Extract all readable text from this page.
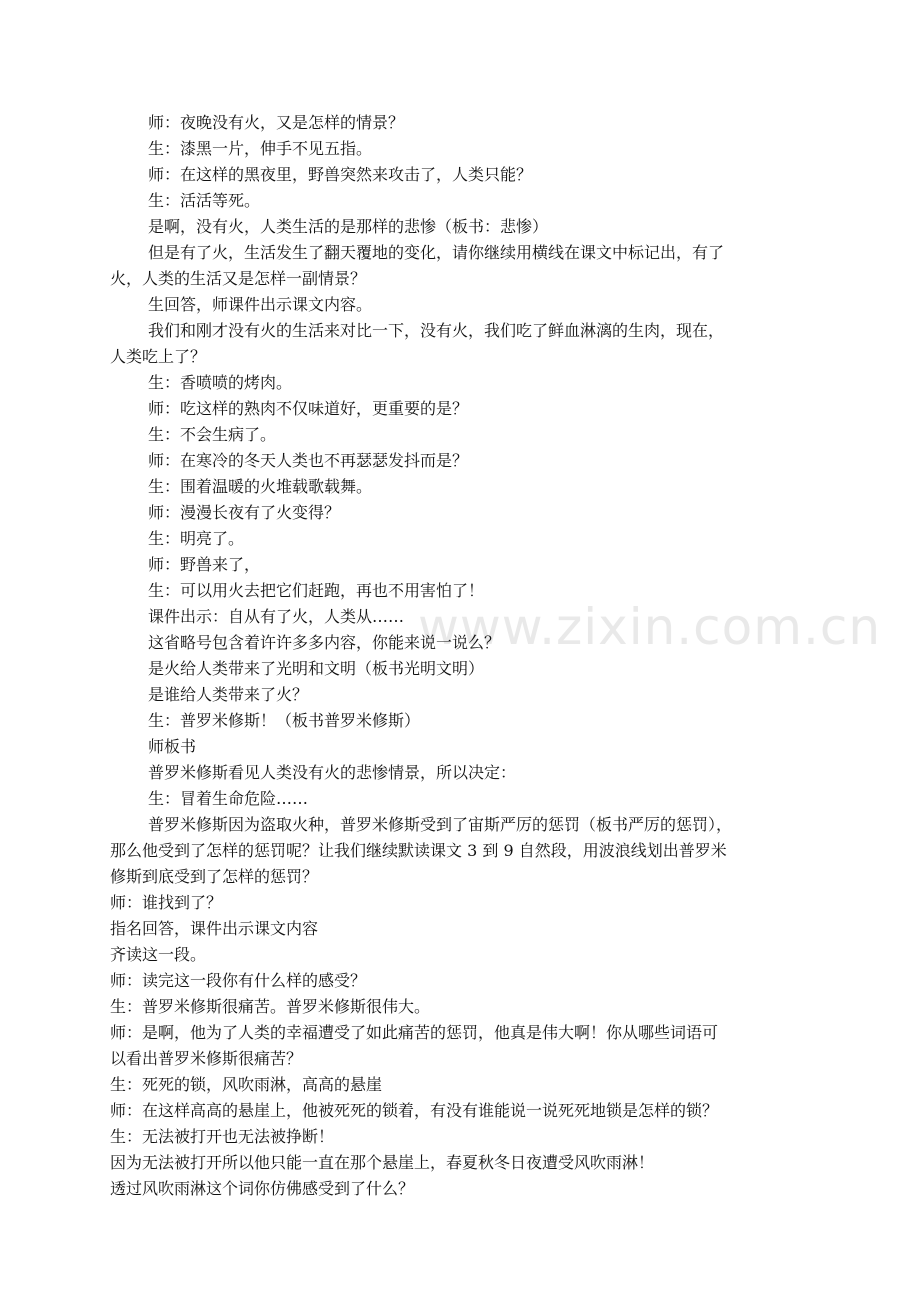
www.zixin.com.cn

师：夜晚没有火，又是怎样的情景？

生：漆黑一片，伸手不见五指。

师：在这样的黑夜里，野兽突然来攻击了，人类只能？

生：活活等死。

是啊，没有火，人类生活的是那样的悲惨（板书：悲惨）

但是有了火，生活发生了翻天覆地的变化，请你继续用横线在课文中标记出，有了

火，人类的生活又是怎样一副情景？

生回答，师课件出示课文内容。

我们和刚才没有火的生活来对比一下，没有火，我们吃了鲜血淋漓的生肉，现在，

人类吃上了？

生：香喷喷的烤肉。

师：吃这样的熟肉不仅味道好，更重要的是？

生：不会生病了。

师：在寒冷的冬天人类也不再瑟瑟发抖而是？

生：围着温暖的火堆载歌载舞。

师：漫漫长夜有了火变得？

生：明亮了。

师：野兽来了，

生：可以用火去把它们赶跑，再也不用害怕了！

课件出示：自从有了火，人类从……

这省略号包含着许许多多内容，你能来说一说么？

是火给人类带来了光明和文明（板书光明文明）

是谁给人类带来了火？

生：普罗米修斯！（板书普罗米修斯）

师板书

普罗米修斯看见人类没有火的悲惨情景，所以决定：

生：冒着生命危险……

普罗米修斯因为盗取火种，普罗米修斯受到了宙斯严厉的惩罚（板书严厉的惩罚），

那么他受到了怎样的惩罚呢？让我们继续默读课文 3 到 9 自然段，用波浪线划出普罗米

修斯到底受到了怎样的惩罚？

师：谁找到了？

指名回答，课件出示课文内容

齐读这一段。

师：读完这一段你有什么样的感受？

生：普罗米修斯很痛苦。普罗米修斯很伟大。

师：是啊，他为了人类的幸福遭受了如此痛苦的惩罚，他真是伟大啊！你从哪些词语可

以看出普罗米修斯很痛苦？

生：死死的锁，风吹雨淋，高高的悬崖

师：在这样高高的悬崖上，他被死死的锁着，有没有谁能说一说死死地锁是怎样的锁？

生：无法被打开也无法被挣断！

因为无法被打开所以他只能一直在那个悬崖上，春夏秋冬日夜遭受风吹雨淋！

透过风吹雨淋这个词你仿佛感受到了什么？
